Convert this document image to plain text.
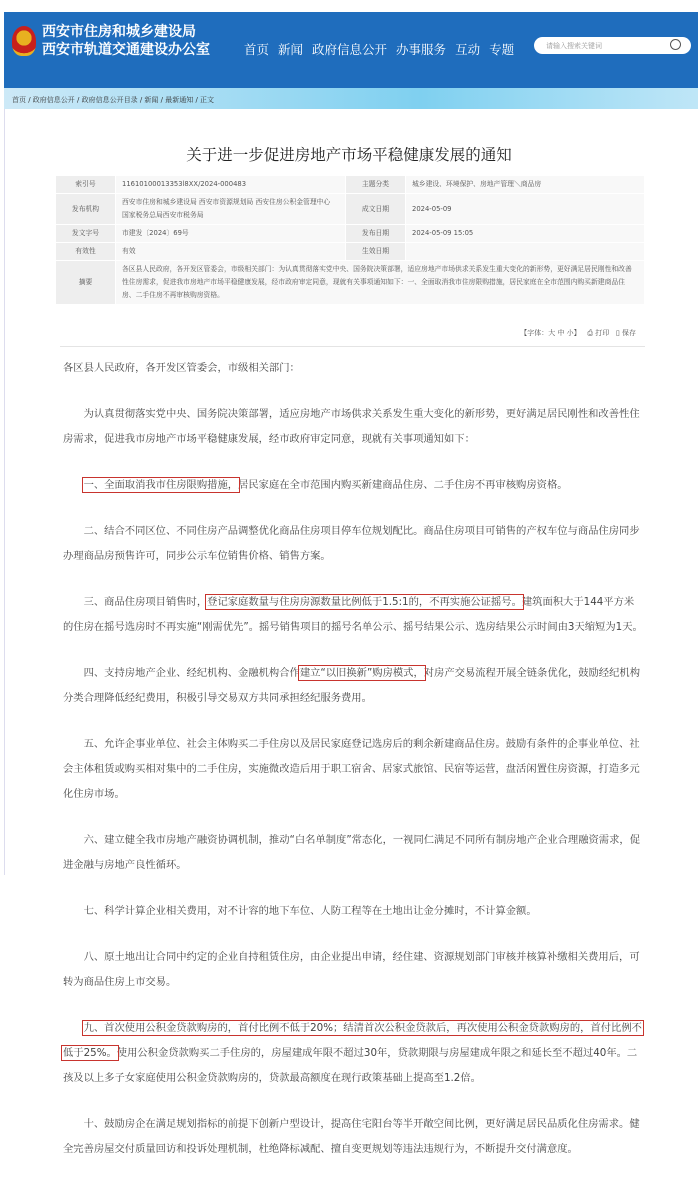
西安市住房和城乡建设局
西安市轨道交通建设办公室	首页 新闻 政府信息公开 办事服务 互动 专题	请输入搜索关键词
首页 / 政府信息公开 / 政府信息公开目录 / 新闻 / 最新通知 / 正文
关于进一步促进房地产市场平稳健康发展的通知
索引号	11610100013353l8XX/2024-000483	主题分类	城乡建设、环境保护、房地产管理＼商品房
发布机构	西安市住房和城乡建设局 西安市资源规划局 西安住房公积金管理中心 国家税务总局西安市税务局	成文日期	2024-05-09
发文字号	市建发〔2024〕69号	发布日期	2024-05-09 15:05
有效性	有效	生效日期	
摘要	各区县人民政府，各开发区管委会，市级相关部门：为认真贯彻落实党中央、国务院决策部署，适应房地产市场供求关系发生重大变化的新形势，更好满足居民刚性和改善性住房需求，促进我市房地产市场平稳健康发展，经市政府审定同意，现就有关事项通知如下：一、全面取消我市住房限购措施，居民家庭在全市范围内购买新建商品住房、二手住房不再审核购房资格。		
【字体：大 中 小】 ⎙ 打印 ▯ 保存

各区县人民政府，各开发区管委会，市级相关部门：

为认真贯彻落实党中央、国务院决策部署，适应房地产市场供求关系发生重大变化的新形势，更好满足居民刚性和改善性住房需求，促进我市房地产市场平稳健康发展，经市政府审定同意，现就有关事项通知如下：

一、全面取消我市住房限购措施，居民家庭在全市范围内购买新建商品住房、二手住房不再审核购房资格。

二、结合不同区位、不同住房产品调整优化商品住房项目停车位规划配比。商品住房项目可销售的产权车位与商品住房同步办理商品房预售许可，同步公示车位销售价格、销售方案。

三、商品住房项目销售时，登记家庭数量与住房房源数量比例低于1.5:1的，不再实施公证摇号。建筑面积大于144平方米的住房在摇号选房时不再实施“刚需优先”。摇号销售项目的摇号名单公示、摇号结果公示、选房结果公示时间由3天缩短为1天。

四、支持房地产企业、经纪机构、金融机构合作建立“以旧换新”购房模式，对房产交易流程开展全链条优化，鼓励经纪机构分类合理降低经纪费用，积极引导交易双方共同承担经纪服务费用。

五、允许企事业单位、社会主体购买二手住房以及居民家庭登记选房后的剩余新建商品住房。鼓励有条件的企事业单位、社会主体租赁或购买相对集中的二手住房，实施微改造后用于职工宿舍、居家式旅馆、民宿等运营，盘活闲置住房资源，打造多元化住房市场。

六、建立健全我市房地产融资协调机制，推动“白名单制度”常态化，一视同仁满足不同所有制房地产企业合理融资需求，促进金融与房地产良性循环。

七、科学计算企业相关费用，对不计容的地下车位、人防工程等在土地出让金分摊时，不计算金额。

八、原土地出让合同中约定的企业自持租赁住房，由企业提出申请，经住建、资源规划部门审核并核算补缴相关费用后，可转为商品住房上市交易。

九、首次使用公积金贷款购房的，首付比例不低于20%；结清首次公积金贷款后，再次使用公积金贷款购房的，首付比例不低于25%。使用公积金贷款购买二手住房的，房屋建成年限不超过30年，贷款期限与房屋建成年限之和延长至不超过40年。二孩及以上多子女家庭使用公积金贷款购房的，贷款最高额度在现行政策基础上提高至1.2倍。

十、鼓励房企在满足规划指标的前提下创新户型设计，提高住宅阳台等半开敞空间比例，更好满足居民品质化住房需求。健全完善房屋交付质量回访和投诉处理机制，杜绝降标减配、擅自变更规划等违法违规行为，不断提升交付满意度。
